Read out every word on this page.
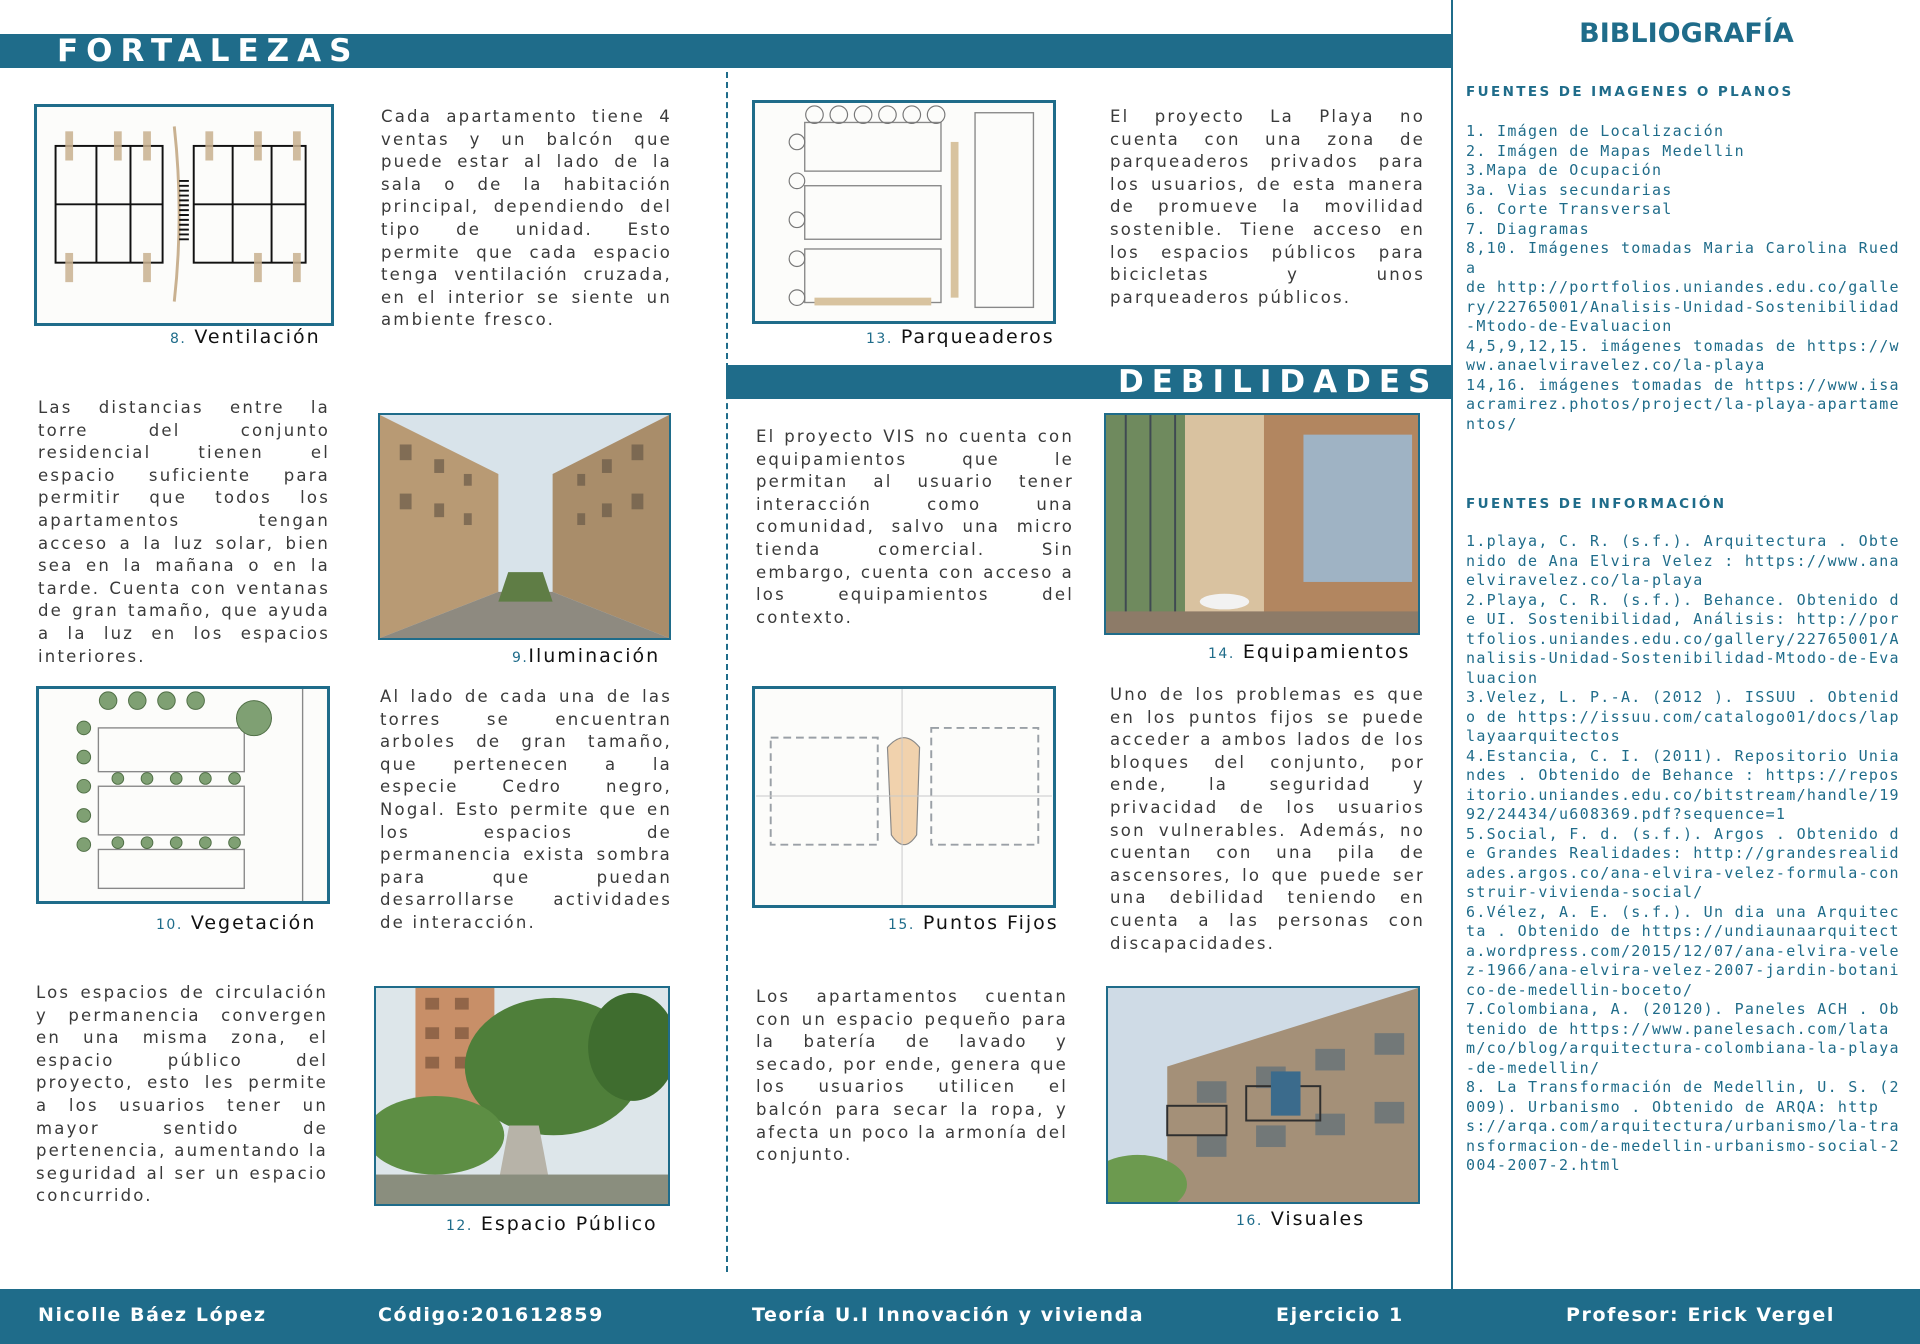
FORTALEZAS
DEBILIDADES
8. Ventilación
Cada apartamento tiene 4 ventas y un balcón que puede estar al lado de la sala o de la habitación principal, dependiendo del tipo de unidad. Esto permite que cada espacio tenga ventilación cruzada, en el interior se siente un ambiente fresco.
13. Parqueaderos
El proyecto La Playa no cuenta con una zona de parqueaderos privados para los usuarios, de esta manera de promueve la movilidad sostenible. Tiene acceso en los espacios públicos para bicicletas y unos parqueaderos públicos.
Las distancias entre la torre del conjunto residencial tienen el espacio suficiente para permitir que todos los apartamentos tengan acceso a la luz solar, bien sea en la mañana o en la tarde. Cuenta con ventanas de gran tamaño, que ayuda a la luz en los espacios interiores.	9.Iluminación
El proyecto VIS no cuenta con equipamientos que le permitan al usuario tener interacción como una comunidad, salvo una micro tienda comercial. Sin embargo, cuenta con acceso a los equipamientos del contexto.
14. Equipamientos
10. Vegetación
Al lado de cada una de las torres se encuentran arboles de gran tamaño, que pertenecen a la especie Cedro negro, Nogal. Esto permite que en los espacios de permanencia exista sombra para que puedan desarrollarse actividades de interacción.	15. Puntos Fijos
Uno de los problemas es que en los puntos fijos se puede acceder a ambos lados de los bloques del conjunto, por ende, la seguridad y privacidad de los usuarios son vulnerables. Además, no cuentan con una pila de ascensores, lo que puede ser una debilidad teniendo en cuenta a las personas con discapacidades.
Los espacios de circulación y permanencia convergen en una misma zona, el espacio público del proyecto, esto les permite a los usuarios tener un mayor sentido de pertenencia, aumentando la seguridad al ser un espacio concurrido.
12. Espacio Público
Los apartamentos cuentan con un espacio pequeño para la batería de lavado y secado, por ende, genera que los usuarios utilicen el balcón para secar la ropa, y afecta un poco la armonía del conjunto.
16. Visuales
BIBLIOGRAFÍA
FUENTES DE IMAGENES O PLANOS
1. Imágen de Localización
2. Imágen de Mapas Medellin
3.Mapa de Ocupación
3a. Vias secundarias
6. Corte Transversal
7. Diagramas
8,10. Imágenes tomadas Maria Carolina Rueda
de http://portfolios.uniandes.edu.co/gallery/22765001/Analisis-Unidad-Sostenibilidad-Mtodo-de-Evaluacion
4,5,9,12,15. imágenes tomadas de https://www.anaelviravelez.co/la-playa
14,16. imágenes tomadas de https://www.isaacramirez.photos/project/la-playa-apartamentos/
FUENTES DE INFORMACIÓN
1.playa, C. R. (s.f.). Arquitectura . Obtenido de Ana Elvira Velez : https://www.anaelviravelez.co/la-playa
2.Playa, C. R. (s.f.). Behance. Obtenido de UI. Sostenibilidad, Análisis: http://portfolios.uniandes.edu.co/gallery/22765001/Analisis-Unidad-Sostenibilidad-Mtodo-de-Evaluacion
3.Velez, L. P.-A. (2012 ). ISSUU . Obtenido de https://issuu.com/catalogo01/docs/laplayaarquitectos
4.Estancia, C. I. (2011). Repositorio Uniandes . Obtenido de Behance : https://repositorio.uniandes.edu.co/bitstream/handle/1992/24434/u608369.pdf?sequence=1
5.Social, F. d. (s.f.). Argos . Obtenido de Grandes Realidades: http://grandesrealidades.argos.co/ana-elvira-velez-formula-construir-vivienda-social/
6.Vélez, A. E. (s.f.). Un dia una Arquitecta . Obtenido de https://undiaunaarquitecta.wordpress.com/2015/12/07/ana-elvira-velez-1966/ana-elvira-velez-2007-jardin-botanico-de-medellin-boceto/
7.Colombiana, A. (20120). Paneles ACH . Obtenido de https://www.panelesach.com/latam/co/blog/arquitectura-colombiana-la-playa-de-medellin/
8. La Transformación de Medellin, U. S. (2009). Urbanismo . Obtenido de ARQA: https://arqa.com/arquitectura/urbanismo/la-transformacion-de-medellin-urbanismo-social-2004-2007-2.html
Nicolle Báez López	Código:201612859	Teoría U.I Innovación y vivienda	Ejercicio 1	Profesor: Erick Vergel
